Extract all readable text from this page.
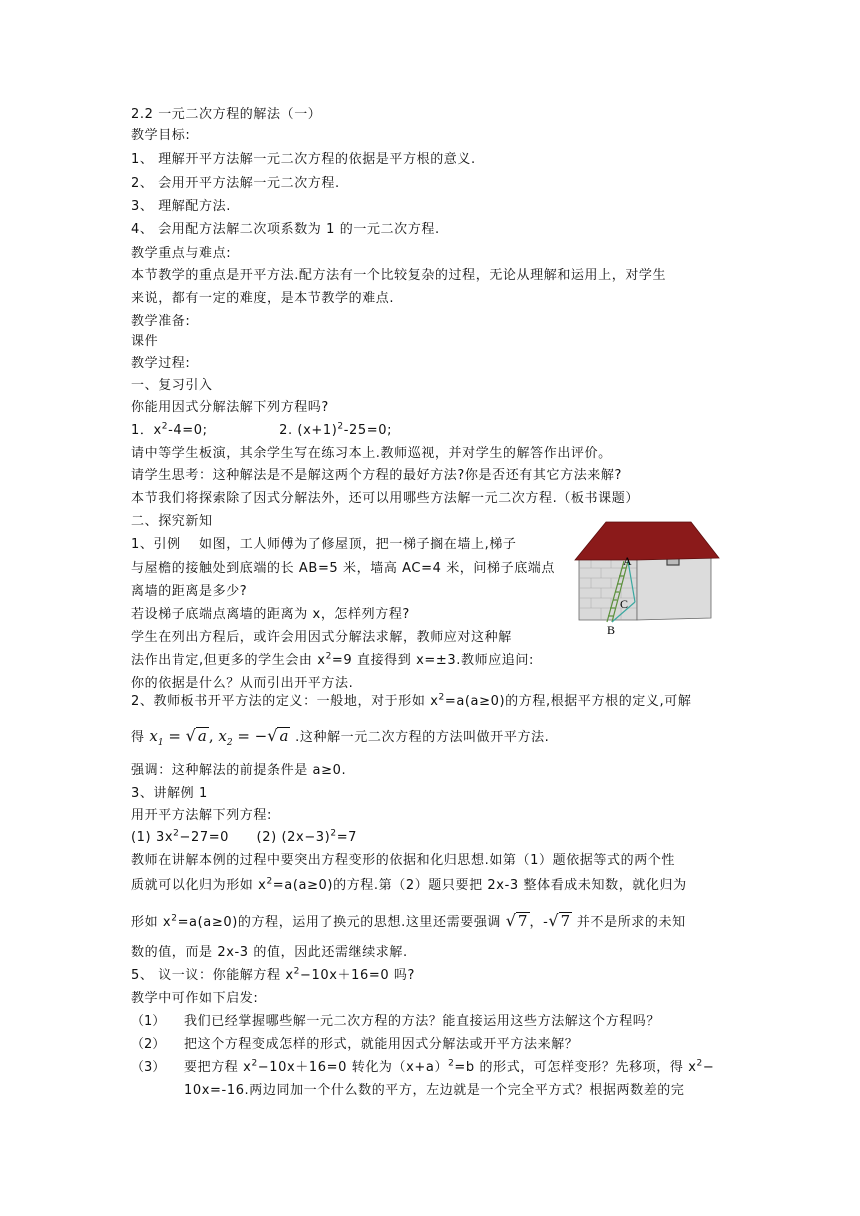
2.2 一元二次方程的解法（一）
教学目标:
1、 理解开平方法解一元二次方程的依据是平方根的意义.
2、 会用开平方法解一元二次方程.
3、 理解配方法.
4、 会用配方法解二次项系数为 1 的一元二次方程.
教学重点与难点:
本节教学的重点是开平方法.配方法有一个比较复杂的过程，无论从理解和运用上，对学生
来说，都有一定的难度，是本节教学的难点.
教学准备:
课件
教学过程:
一、复习引入
你能用因式分解法解下列方程吗?
1．$x^2-4=0$;	2. $(x+1)^2-25=0$;
请中等学生板演，其余学生写在练习本上.教师巡视，并对学生的解答作出评价。
请学生思考：这种解法是不是解这两个方程的最好方法?你是否还有其它方法来解?
本节我们将探索除了因式分解法外，还可以用哪些方法解一元二次方程.（板书课题）
二、探究新知
1、引例　 如图，工人师傅为了修屋顶，把一梯子搁在墙上,梯子
与屋檐的接触处到底端的长 AB=5 米，墙高 AC=4 米，问梯子底端点
离墙的距离是多少?
若设梯子底端点离墙的距离为 x，怎样列方程?
学生在列出方程后，或许会用因式分解法求解，教师应对这种解
法作出肯定,但更多的学生会由 $x^2=9$ 直接得到 x=±3.教师应追问:
你的依据是什么？从而引出开平方法.
A
C
B
2、教师板书开平方法的定义：一般地，对于形如 $x^2=a(a\ge 0)$的方程,根据平方根的定义,可解
得 $x_1$ = √ a , $x_2$ = −√ a .这种解一元二次方程的方法叫做开平方法.
强调：这种解法的前提条件是 a≥0.
3、讲解例 1
用开平方法解下列方程:
(1) $3x^2-27=0$ (2) $(2x-3)^2=7$
教师在讲解本例的过程中要突出方程变形的依据和化归思想.如第（1）题依据等式的两个性
质就可以化归为形如 $x^2=a(a\ge 0)$的方程.第（2）题只要把 2x-3 整体看成未知数，就化归为
形如 $x^2=a(a\ge 0)$的方程，运用了换元的思想.这里还需要强调 √ 7 ，-√ 7 并不是所求的未知
数的值，而是 2x-3 的值，因此还需继续求解.
5、 议一议：你能解方程 $x^2-10x+16=0$ 吗?
教学中可作如下启发:
（1） 我们已经掌握哪些解一元二次方程的方法？能直接运用这些方法解这个方程吗？
（2） 把这个方程变成怎样的形式，就能用因式分解法或开平方法来解？
（3） 要把方程 $x^2-10x+16=0$ 转化为$(x+a)^2=b$ 的形式，可怎样变形？先移项，得 $x^2-$
10x=-16.两边同加一个什么数的平方，左边就是一个完全平方式？根据两数差的完
